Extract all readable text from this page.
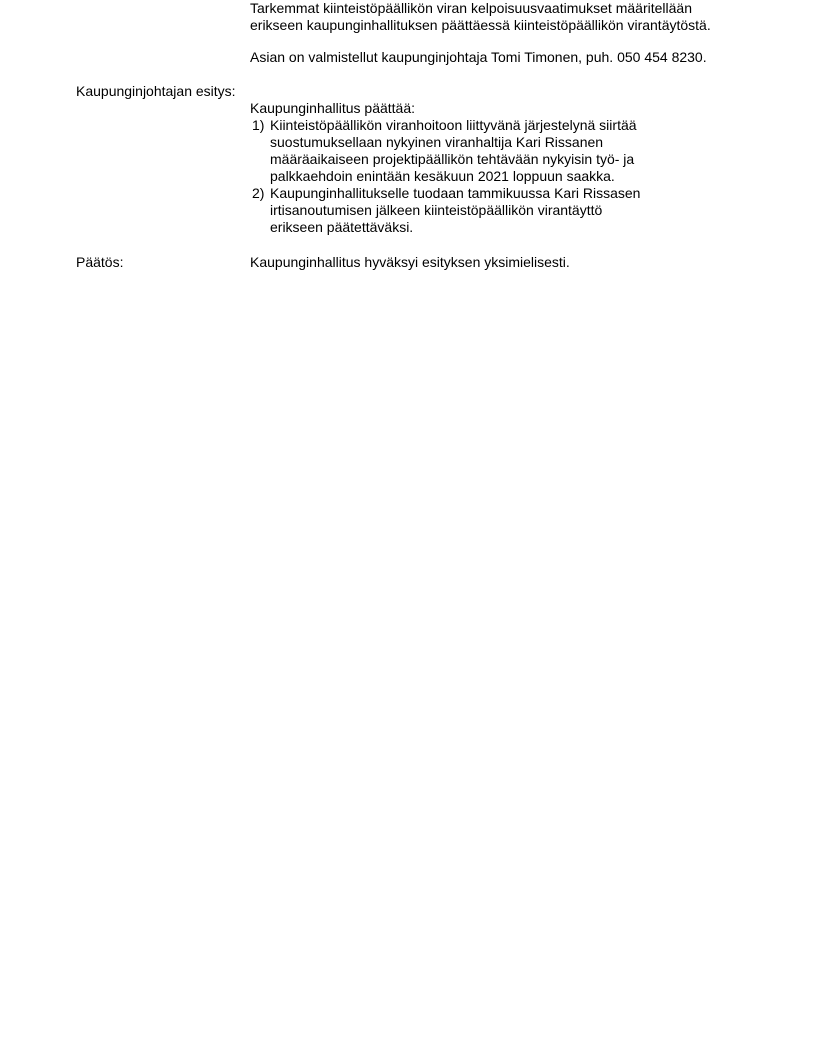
Tarkemmat kiinteistöpäällikön viran kelpoisuusvaatimukset määritellään
erikseen kaupunginhallituksen päättäessä kiinteistöpäällikön virantäytöstä.
Asian on valmistellut kaupunginjohtaja Tomi Timonen, puh. 050 454 8230.
Kaupunginjohtajan esitys:
Kaupunginhallitus päättää:
1) Kiinteistöpäällikön viranhoitoon liittyvänä järjestelynä siirtää
suostumuksellaan nykyinen viranhaltija Kari Rissanen
määräaikaiseen projektipäällikön tehtävään nykyisin työ- ja
palkkaehdoin enintään kesäkuun 2021 loppuun saakka.
2) Kaupunginhallitukselle tuodaan tammikuussa Kari Rissasen
irtisanoutumisen jälkeen kiinteistöpäällikön virantäyttö
erikseen päätettäväksi.
Päätös:	Kaupunginhallitus hyväksyi esityksen yksimielisesti.
